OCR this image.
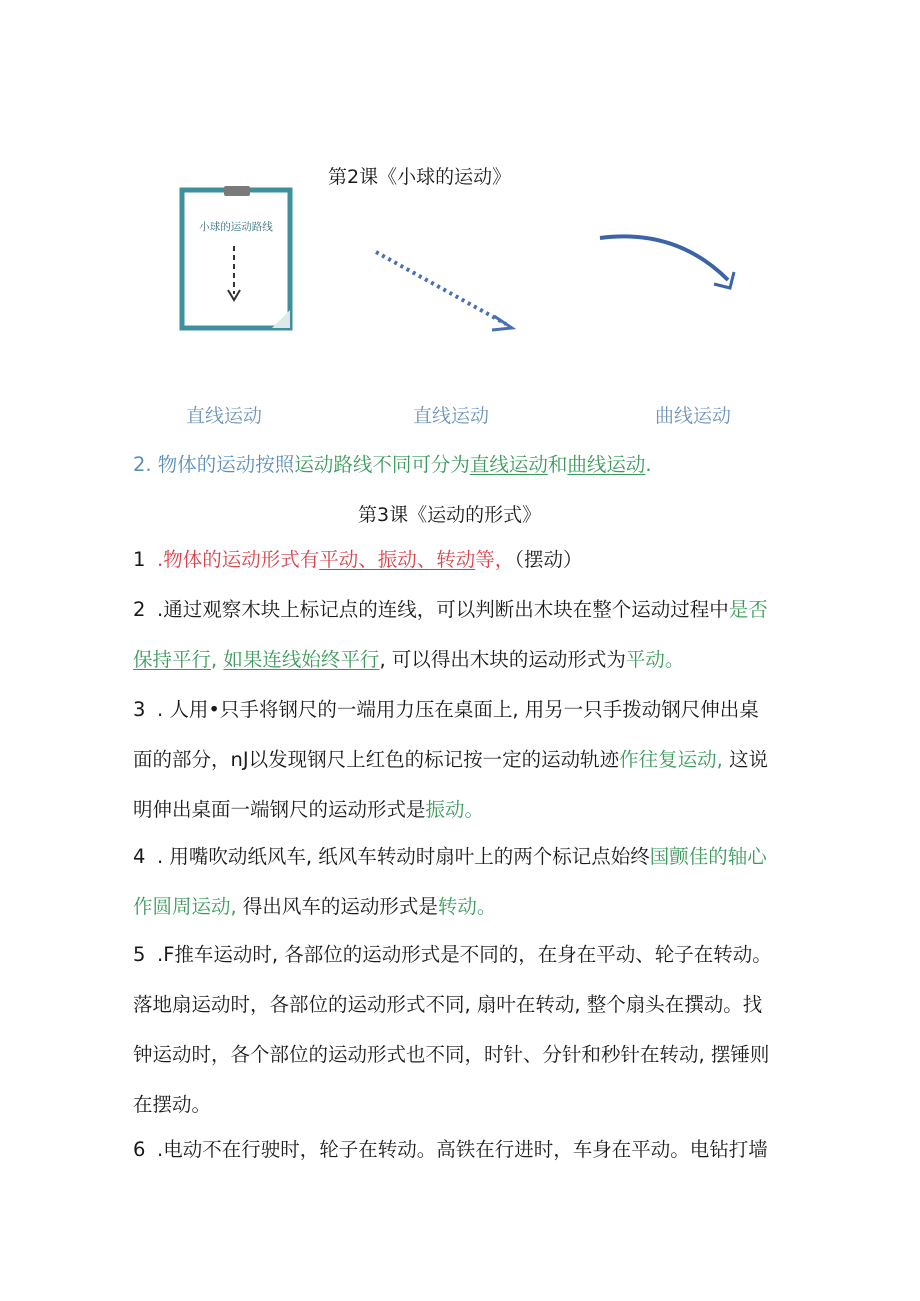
第2课《小球的运动》
小球的运动路线
直线运动	直线运动	曲线运动
2. 物体的运动按照运动路线不同可分为直线运动和曲线运动.
第3课《运动的形式》
1 .物体的运动形式有平动、振动、转动等，（摆动）
2 .通过观察木块上标记点的连线，可以判断出木块在整个运动过程中是否
保持平行, 如果连线始终平行, 可以得出木块的运动形式为平动。
3 . 人用•只手将钢尺的一端用力压在桌面上, 用另一只手拨动钢尺伸出桌
面的部分，nJ以发现钢尺上红色的标记按一定的运动轨迹作往复运动, 这说
明伸出桌面一端钢尺的运动形式是振动。
4 . 用嘴吹动纸风车, 纸风车转动时扇叶上的两个标记点始终国颤佳的轴心
作圆周运动, 得出风车的运动形式是转动。
5 .F推车运动时, 各部位的运动形式是不同的，在身在平动、轮子在转动。
落地扇运动时，各部位的运动形式不同, 扇叶在转动, 整个扇头在撰动。找
钟运动时，各个部位的运动形式也不同，时针、分针和秒针在转动, 摆锤则
在摆动。
6 .电动不在行驶时，轮子在转动。高铁在行进时，车身在平动。电钻打墙
